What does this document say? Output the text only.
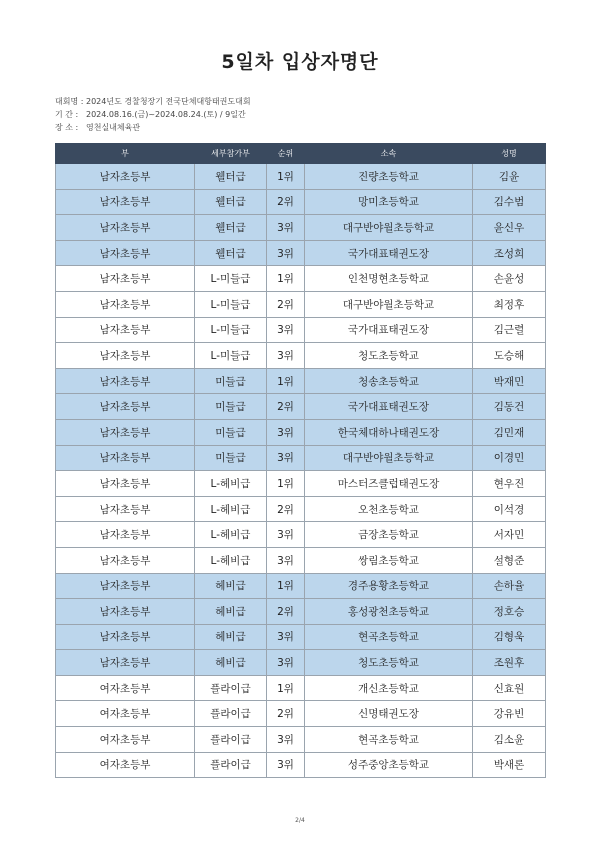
5일차 입상자명단
대회명 : 2024년도 경찰청장기 전국단체대항태권도대회
기 간 : 2024.08.16.(금)~2024.08.24.(토) / 9일간
장 소 : 영천실내체육관
부	세부참가부	순위	소속	성명
남자초등부	웰터급	1위	진량초등학교	김윤
남자초등부	웰터급	2위	망미초등학교	김수범
남자초등부	웰터급	3위	대구반야월초등학교	윤신우
남자초등부	웰터급	3위	국가대표태권도장	조성희
남자초등부	L-미들급	1위	인천명현초등학교	손윤성
남자초등부	L-미들급	2위	대구반야월초등학교	최정후
남자초등부	L-미들급	3위	국가대표태권도장	김근렬
남자초등부	L-미들급	3위	청도초등학교	도승해
남자초등부	미들급	1위	청송초등학교	박재민
남자초등부	미들급	2위	국가대표태권도장	김동건
남자초등부	미들급	3위	한국체대하나태권도장	김민재
남자초등부	미들급	3위	대구반야월초등학교	이경민
남자초등부	L-헤비급	1위	마스터즈클럽태권도장	현우진
남자초등부	L-헤비급	2위	오천초등학교	이석경
남자초등부	L-헤비급	3위	금장초등학교	서자민
남자초등부	L-헤비급	3위	쌍림초등학교	설형준
남자초등부	헤비급	1위	경주용황초등학교	손하율
남자초등부	헤비급	2위	홍성광천초등학교	정호승
남자초등부	헤비급	3위	현곡초등학교	김형욱
남자초등부	헤비급	3위	청도초등학교	조원후
여자초등부	플라이급	1위	개신초등학교	신효원
여자초등부	플라이급	2위	신명태권도장	강유빈
여자초등부	플라이급	3위	현곡초등학교	김소윤
여자초등부	플라이급	3위	성주중앙초등학교	박새론
2/4
